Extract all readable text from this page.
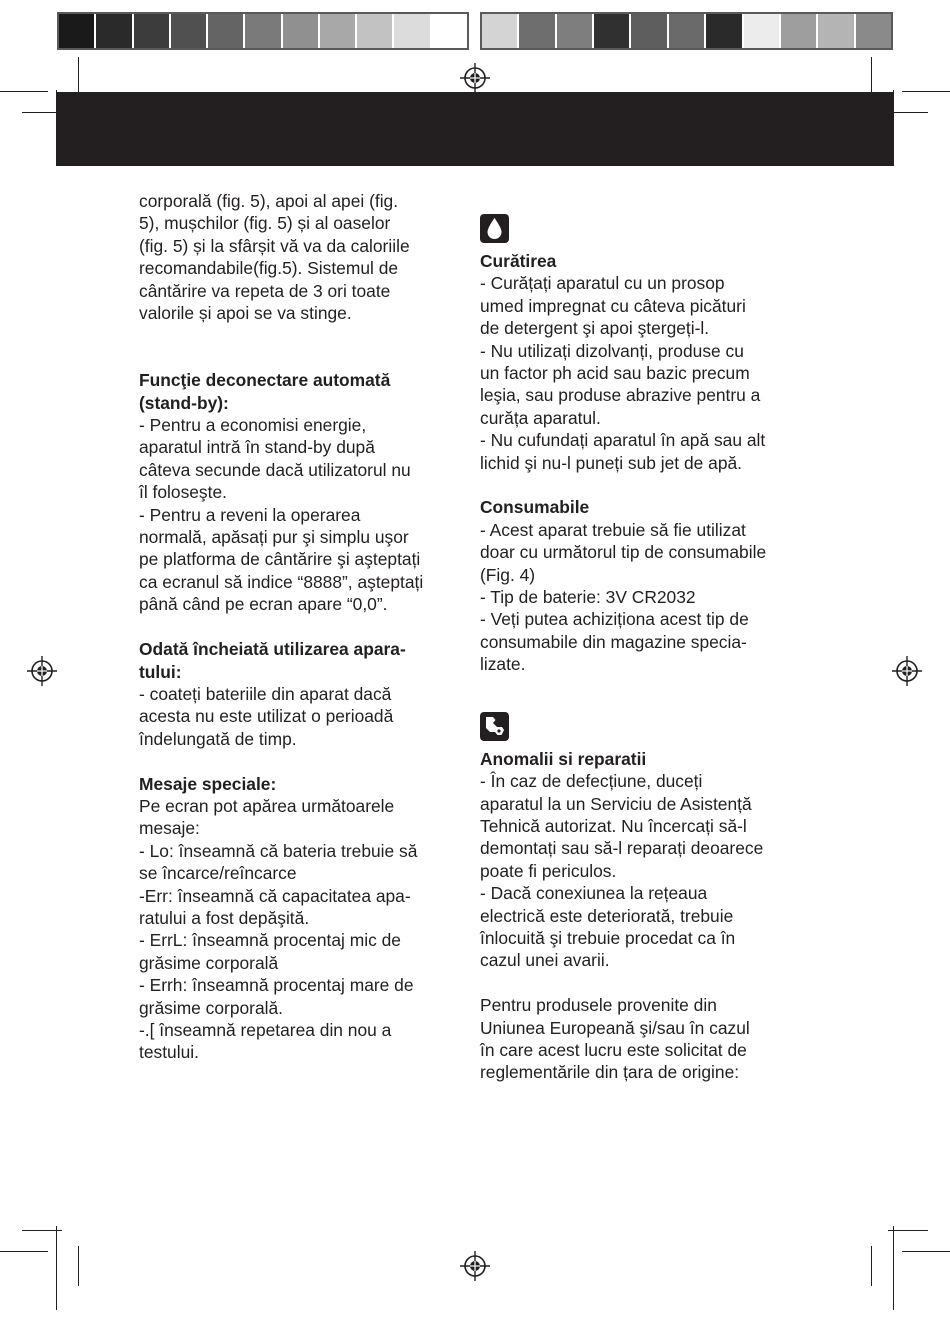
corporală (fig. 5), apoi al apei (fig.

5), mușchilor (fig. 5) și al oaselor

(fig. 5) și la sfârșit vă va da caloriile

recomandabile(fig.5). Sistemul de

cântărire va repeta de 3 ori toate

valorile și apoi se va stinge.

Funcţie deconectare automată

(stand-by):

- Pentru a economisi energie,

aparatul intră în stand-by după

câteva secunde dacă utilizatorul nu

îl foloseşte.

- Pentru a reveni la operarea

normală, apăsați pur şi simplu uşor

pe platforma de cântărire şi aşteptați

ca ecranul să indice “8888”, aşteptați

până când pe ecran apare “0,0”.

Odată încheiată utilizarea apara-

tului:

- coateți bateriile din aparat dacă

acesta nu este utilizat o perioadă

îndelungată de timp.

Mesaje speciale:

Pe ecran pot apărea următoarele

mesaje:

- Lo: înseamnă că bateria trebuie să

se încarce/reîncarce

-Err: înseamnă că capacitatea apa-

ratului a fost depăşită.

- ErrL: înseamnă procentaj mic de

grăsime corporală

- Errh: înseamnă procentaj mare de

grăsime corporală.

-.[ înseamnă repetarea din nou a

testului.

Curătirea

- Curățați aparatul cu un prosop

umed impregnat cu câteva picături

de detergent şi apoi ştergeți-l.

- Nu utilizați dizolvanți, produse cu

un factor ph acid sau bazic precum

leşia, sau produse abrazive pentru a

curăța aparatul.

- Nu cufundați aparatul în apă sau alt

lichid şi nu-l puneți sub jet de apă.

Consumabile

- Acest aparat trebuie să fie utilizat

doar cu următorul tip de consumabile

(Fig. 4)

- Tip de baterie: 3V CR2032

- Veți putea achiziționa acest tip de

consumabile din magazine specia-

lizate.

Anomalii si reparatii

- În caz de defecțiune, duceți

aparatul la un Serviciu de Asistență

Tehnică autorizat. Nu încercați să-l

demontați sau să-l reparați deoarece

poate fi periculos.

- Dacă conexiunea la rețeaua

electrică este deteriorată, trebuie

înlocuită şi trebuie procedat ca în

cazul unei avarii.

Pentru produsele provenite din

Uniunea Europeană şi/sau în cazul

în care acest lucru este solicitat de

reglementările din țara de origine:
